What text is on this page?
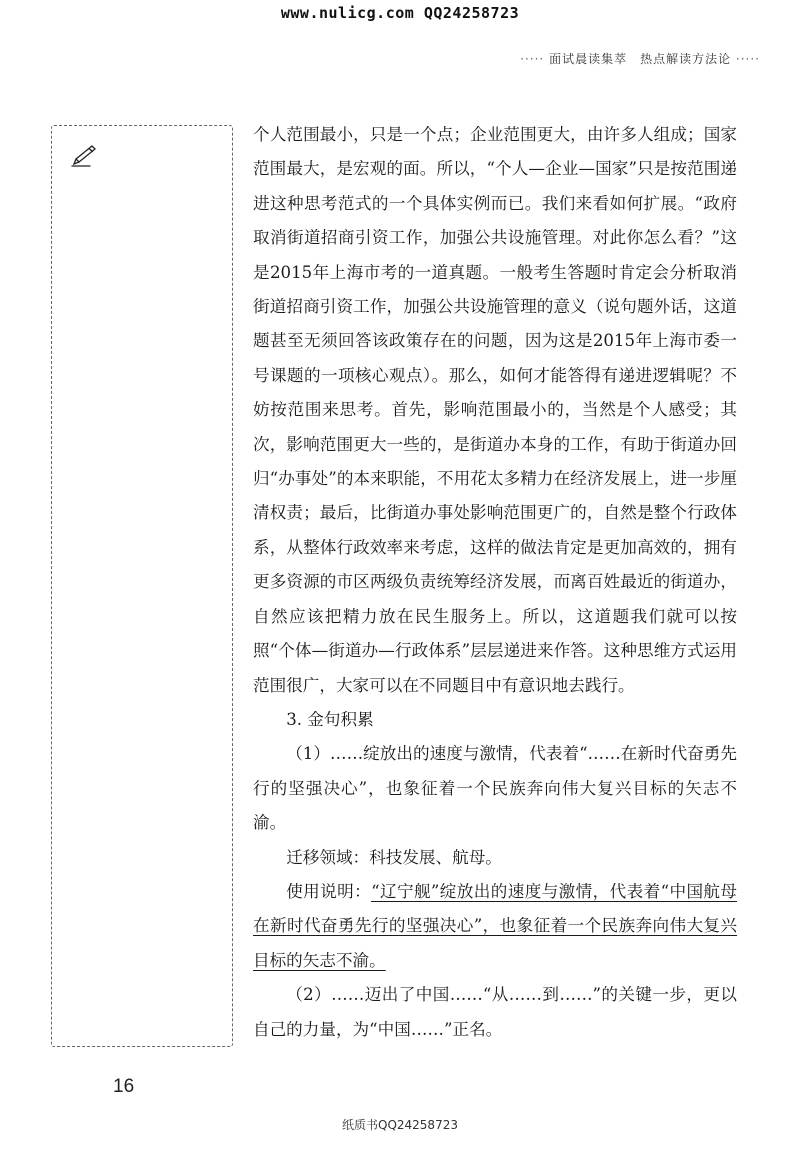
www.nulicg.com QQ24258723
····· 面试晨读集萃　热点解读方法论 ·····

个人范围最小，只是一个点；企业范围更大，由许多人组成；国家范围最大，是宏观的面。所以，“个人—企业—国家”只是按范围递进这种思考范式的一个具体实例而已。我们来看如何扩展。“政府取消街道招商引资工作，加强公共设施管理。对此你怎么看？”这是2015年上海市考的一道真题。一般考生答题时肯定会分析取消街道招商引资工作，加强公共设施管理的意义（说句题外话，这道题甚至无须回答该政策存在的问题，因为这是2015年上海市委一号课题的一项核心观点）。那么，如何才能答得有递进逻辑呢？不妨按范围来思考。首先，影响范围最小的，当然是个人感受；其次，影响范围更大一些的，是街道办本身的工作，有助于街道办回归“办事处”的本来职能，不用花太多精力在经济发展上，进一步厘清权责；最后，比街道办事处影响范围更广的，自然是整个行政体系，从整体行政效率来考虑，这样的做法肯定是更加高效的，拥有更多资源的市区两级负责统筹经济发展，而离百姓最近的街道办，自然应该把精力放在民生服务上。所以，这道题我们就可以按照“个体—街道办—行政体系”层层递进来作答。这种思维方式运用范围很广，大家可以在不同题目中有意识地去践行。

3. 金句积累

（1）……绽放出的速度与激情，代表着“……在新时代奋勇先行的坚强决心”，也象征着一个民族奔向伟大复兴目标的矢志不渝。

迁移领域：科技发展、航母。

使用说明：“辽宁舰”绽放出的速度与激情，代表着“中国航母在新时代奋勇先行的坚强决心”，也象征着一个民族奔向伟大复兴目标的矢志不渝。

（2）……迈出了中国……“从……到……”的关键一步，更以自己的力量，为“中国……”正名。

16
纸质书QQ24258723
